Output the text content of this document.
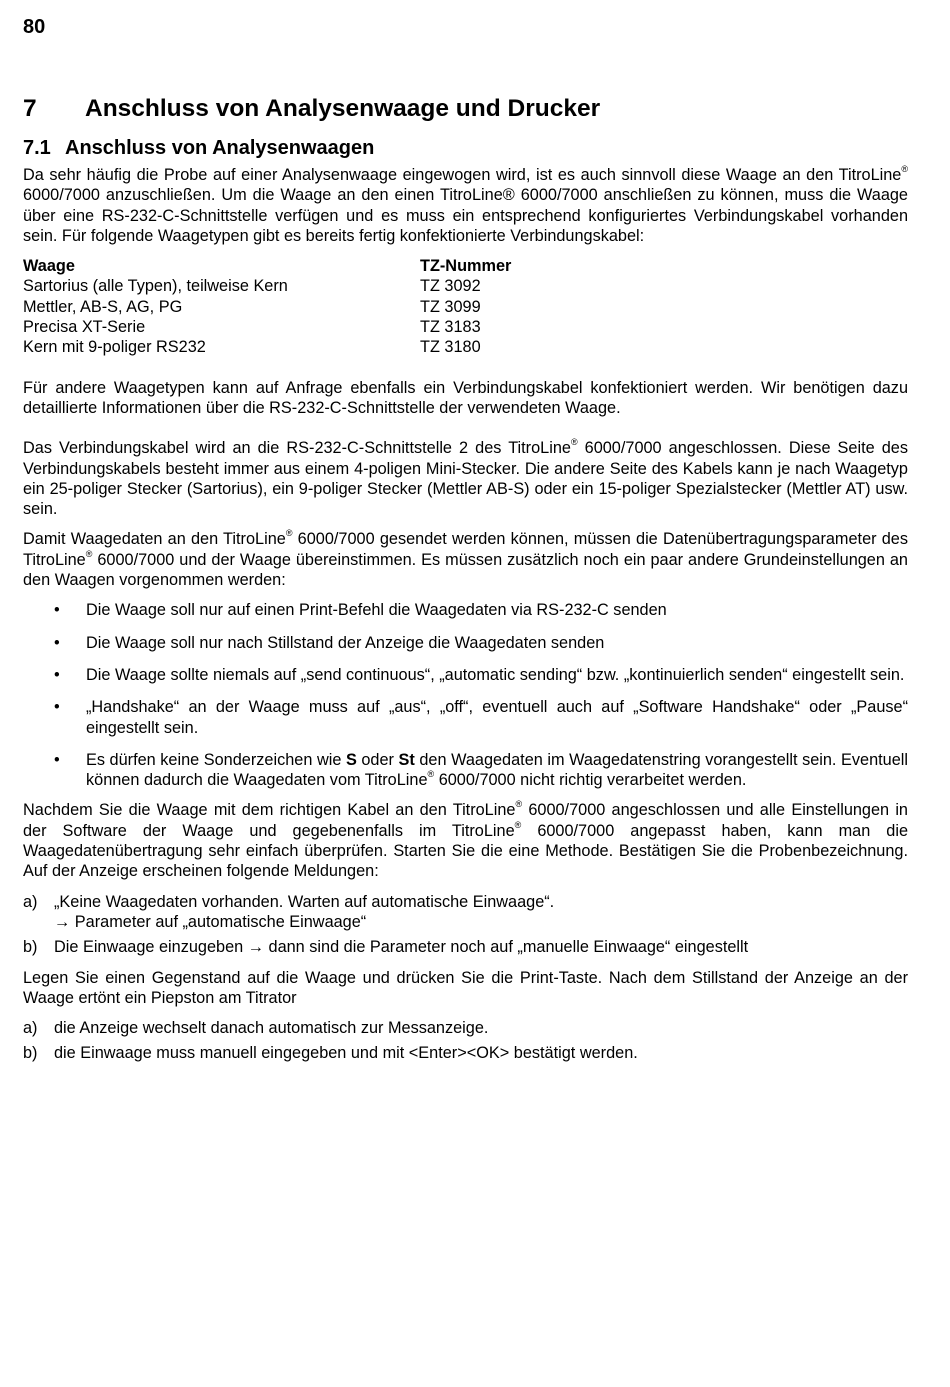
80
7	Anschluss von Analysenwaage und Drucker
7.1 Anschluss von Analysenwaagen

Da sehr häufig die Probe auf einer Analysenwaage eingewogen wird, ist es auch sinnvoll diese Waage an den TitroLine® 6000/7000 anzuschließen. Um die Waage an den einen TitroLine® 6000/7000 anschließen zu können, muss die Waage über eine RS-232-C-Schnittstelle verfügen und es muss ein entsprechend konfiguriertes Verbindungskabel vorhanden sein. Für folgende Waagetypen gibt es bereits fertig konfektionierte Verbindungskabel:

Waage	TZ-Nummer
Sartorius (alle Typen), teilweise Kern	TZ 3092
Mettler, AB-S, AG, PG	TZ 3099
Precisa XT-Serie	TZ 3183
Kern mit 9-poliger RS232	TZ 3180

Für andere Waagetypen kann auf Anfrage ebenfalls ein Verbindungskabel konfektioniert werden. Wir benötigen dazu detaillierte Informationen über die RS-232-C-Schnittstelle der verwendeten Waage.

Das Verbindungskabel wird an die RS-232-C-Schnittstelle 2 des TitroLine® 6000/7000 angeschlossen. Diese Seite des Verbindungskabels besteht immer aus einem 4-poligen Mini-Stecker. Die andere Seite des Kabels kann je nach Waagetyp ein 25-poliger Stecker (Sartorius), ein 9-poliger Stecker (Mettler AB-S) oder ein 15-poliger Spezialstecker (Mettler AT) usw. sein.

Damit Waagedaten an den TitroLine® 6000/7000 gesendet werden können, müssen die Datenübertragungsparameter des TitroLine® 6000/7000 und der Waage übereinstimmen. Es müssen zusätzlich noch ein paar andere Grundeinstellungen an den Waagen vorgenommen werden:

• Die Waage soll nur auf einen Print-Befehl die Waagedaten via RS-232-C senden
• Die Waage soll nur nach Stillstand der Anzeige die Waagedaten senden
• Die Waage sollte niemals auf „send continuous“, „automatic sending“ bzw. „kontinuierlich senden“ eingestellt sein.
• „Handshake“ an der Waage muss auf „aus“, „off“, eventuell auch auf „Software Handshake“ oder „Pause“ eingestellt sein.
• Es dürfen keine Sonderzeichen wie S oder St den Waagedaten im Waagedatenstring vorangestellt sein. Eventuell können dadurch die Waagedaten vom TitroLine® 6000/7000 nicht richtig verarbeitet werden.

Nachdem Sie die Waage mit dem richtigen Kabel an den TitroLine® 6000/7000 angeschlossen und alle Einstellungen in der Software der Waage und gegebenenfalls im TitroLine® 6000/7000 angepasst haben, kann man die Waagedatenübertragung sehr einfach überprüfen. Starten Sie die eine Methode. Bestätigen Sie die Probenbezeichnung. Auf der Anzeige erscheinen folgende Meldungen:

a)	„Keine Waagedaten vorhanden. Warten auf automatische Einwaage“.
→ Parameter auf „automatische Einwaage“
b)	Die Einwaage einzugeben → dann sind die Parameter noch auf „manuelle Einwaage“ eingestellt

Legen Sie einen Gegenstand auf die Waage und drücken Sie die Print-Taste. Nach dem Stillstand der Anzeige an der Waage ertönt ein Piepston am Titrator

a)	die Anzeige wechselt danach automatisch zur Messanzeige.
b)	die Einwaage muss manuell eingegeben und mit <Enter><OK> bestätigt werden.
